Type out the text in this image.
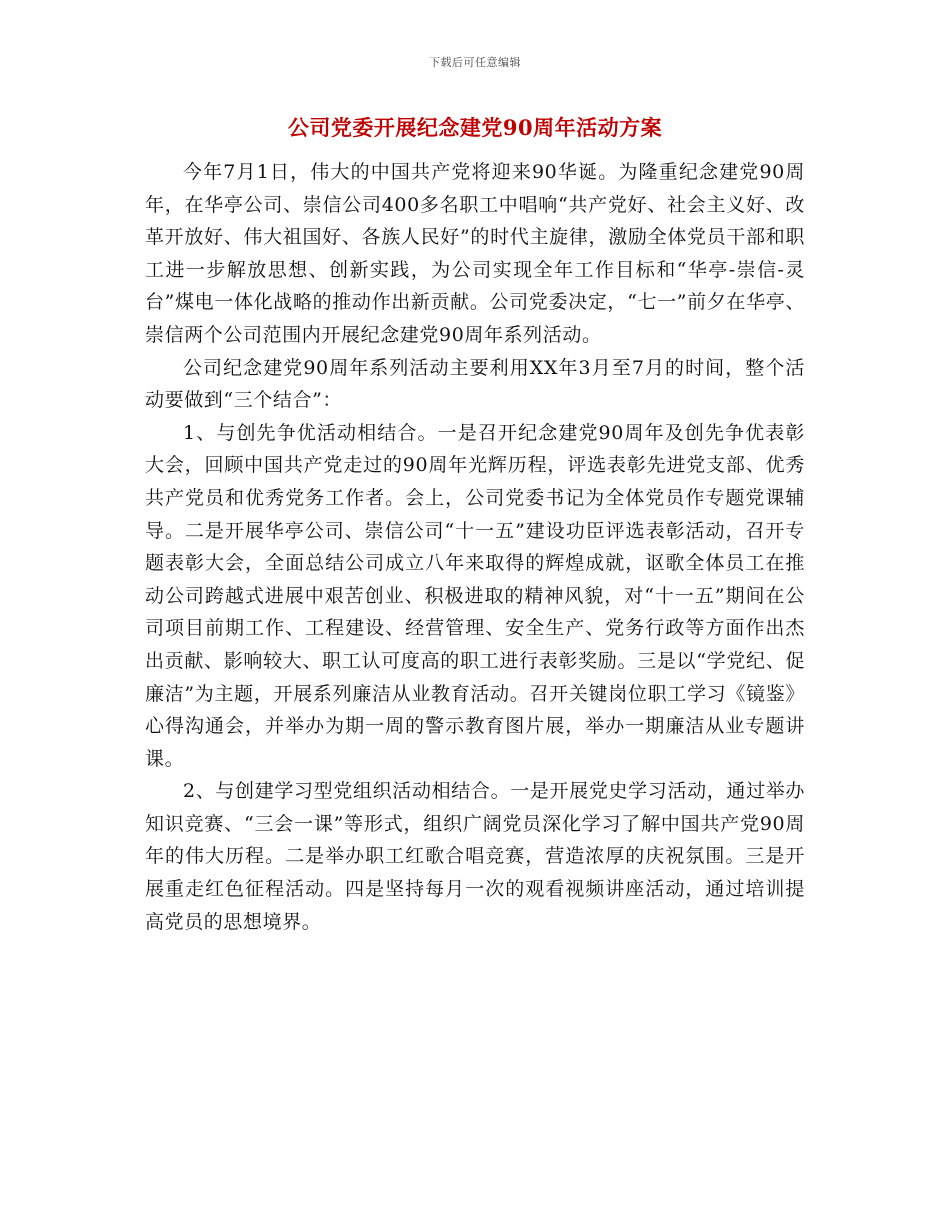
下载后可任意编辑
公司党委开展纪念建党90周年活动方案

今年7月1日，伟大的中国共产党将迎来90华诞。为隆重纪念建党90周年，在华亭公司、崇信公司400多名职工中唱响“共产党好、社会主义好、改革开放好、伟大祖国好、各族人民好”的时代主旋律，激励全体党员干部和职工进一步解放思想、创新实践，为公司实现全年工作目标和“华亭-崇信-灵台”煤电一体化战略的推动作出新贡献。公司党委决定，“七一”前夕在华亭、崇信两个公司范围内开展纪念建党90周年系列活动。

公司纪念建党90周年系列活动主要利用XX年3月至7月的时间，整个活动要做到“三个结合”：

1、与创先争优活动相结合。一是召开纪念建党90周年及创先争优表彰大会，回顾中国共产党走过的90周年光辉历程，评选表彰先进党支部、优秀共产党员和优秀党务工作者。会上，公司党委书记为全体党员作专题党课辅导。二是开展华亭公司、崇信公司“十一五”建设功臣评选表彰活动，召开专题表彰大会，全面总结公司成立八年来取得的辉煌成就，讴歌全体员工在推动公司跨越式进展中艰苦创业、积极进取的精神风貌，对“十一五”期间在公司项目前期工作、工程建设、经营管理、安全生产、党务行政等方面作出杰出贡献、影响较大、职工认可度高的职工进行表彰奖励。三是以“学党纪、促廉洁”为主题，开展系列廉洁从业教育活动。召开关键岗位职工学习《镜鉴》心得沟通会，并举办为期一周的警示教育图片展，举办一期廉洁从业专题讲课。

2、与创建学习型党组织活动相结合。一是开展党史学习活动，通过举办知识竞赛、“三会一课”等形式，组织广阔党员深化学习了解中国共产党90周年的伟大历程。二是举办职工红歌合唱竞赛，营造浓厚的庆祝氛围。三是开展重走红色征程活动。四是坚持每月一次的观看视频讲座活动，通过培训提高党员的思想境界。
